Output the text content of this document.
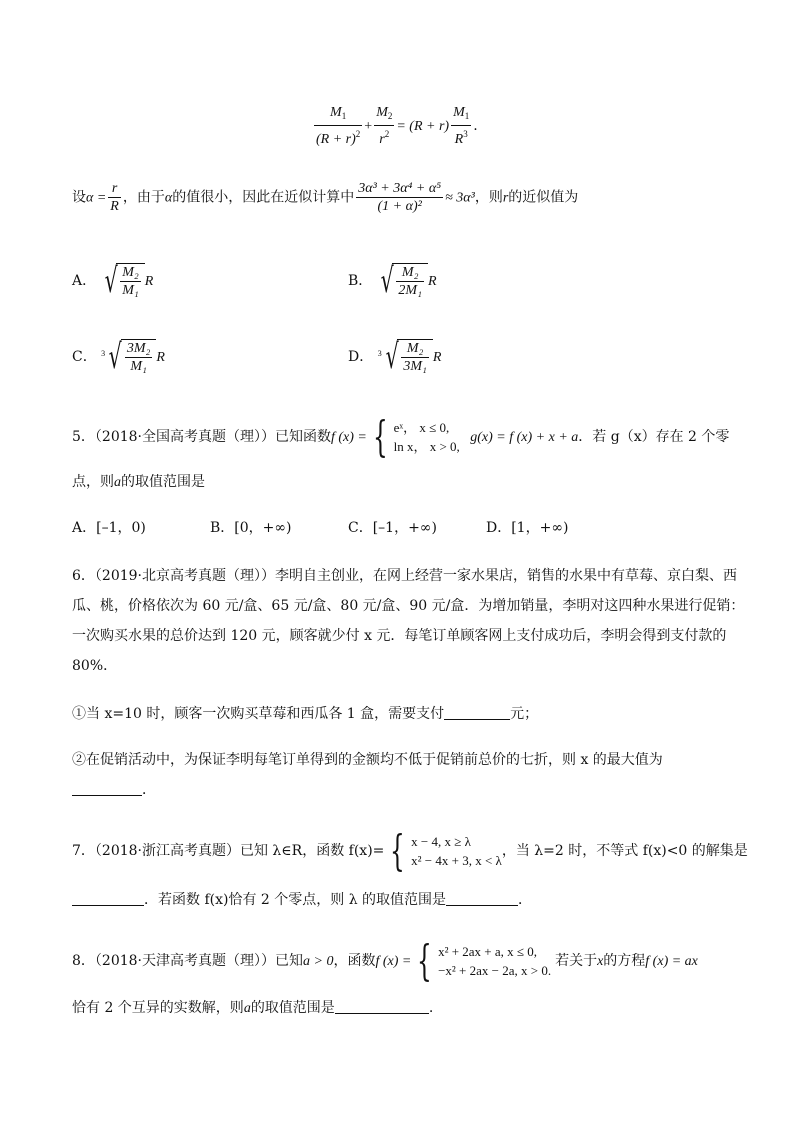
$\frac{M_1}{(R + r)^2} + \frac{M_2}{r^2} = (R + r) \frac{M_1}{R^3}$ .
设$\alpha = \frac{r}{R}$ ，由于α的值很小，因此在近似计算中 $\frac{\text{3α³ + 3α⁴ + α⁵}}{\text{(1 + α)²}} \approx 3\alpha^3$，则r的近似值为
A． √ $\frac{\text{M₂}}{\text{M₁}}$ R	B． √ $\frac{\text{M₂}}{\text{2M₁}}$ R
C． 3 √ $\frac{\text{3M₂}}{\text{M₁}}$ R	D． 3 √ $\frac{\text{M₂}}{\text{3M₁}}$ R
5．（2018·全国高考真题（理））已知函数f (x) = { eˣ， x ≤ 0,
ln x， x > 0,
g(x) = f (x) + x + a．若 g（x）存在 2 个零
点，则a的取值范围是
A．[–1，0)	B．[0，+∞)	C．[–1，+∞)	D．[1，+∞)
6．（2019·北京高考真题（理））李明自主创业，在网上经营一家水果店，销售的水果中有草莓、京白梨、西
瓜、桃，价格依次为 60 元/盒、65 元/盒、80 元/盒、90 元/盒．为增加销量，李明对这四种水果进行促销：
一次购买水果的总价达到 120 元，顾客就少付 x 元．每笔订单顾客网上支付成功后，李明会得到支付款的
80%．
①当 x=10 时，顾客一次购买草莓和西瓜各 1 盒，需要支付	元；
②在促销活动中，为保证李明每笔订单得到的金额均不低于促销前总价的七折，则 x 的最大值为
．
7．（2018·浙江高考真题）已知 λ∈R，函数 f(x)= { x − 4, x ≥ λ
x² − 4x + 3, x < λ
，当 λ=2 时，不等式 f(x)<0 的解集是
．若函数 f(x)恰有 2 个零点，则 λ 的取值范围是	．
8．（2018·天津高考真题（理））已知a > 0，函数f (x) = { x² + 2ax + a, x ≤ 0,
−x² + 2ax − 2a, x > 0.
若关于x的方程f (x) = ax
恰有 2 个互异的实数解，则a的取值范围是	.
